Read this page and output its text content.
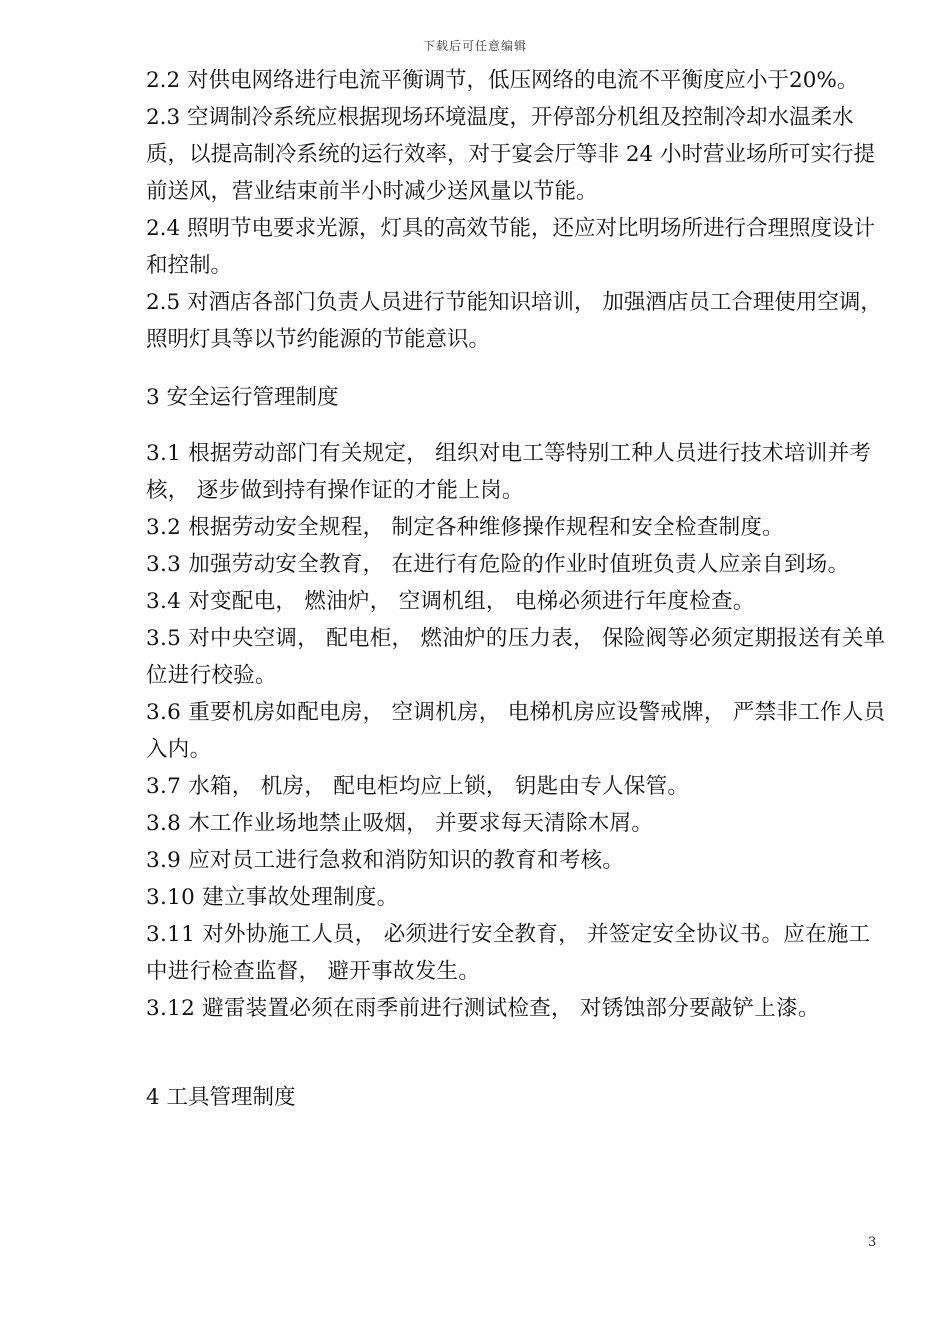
下载后可任意编辑

2.2 对供电网络进行电流平衡调节，低压网络的电流不平衡度应小于20%。

2.3 空调制冷系统应根据现场环境温度，开停部分机组及控制冷却水温柔水质，以提高制冷系统的运行效率，对于宴会厅等非 24 小时营业场所可实行提前送风，营业结束前半小时减少送风量以节能。

2.4 照明节电要求光源，灯具的高效节能，还应对比明场所进行合理照度设计和控制。

2.5 对酒店各部门负责人员进行节能知识培训， 加强酒店员工合理使用空调， 照明灯具等以节约能源的节能意识。

3 安全运行管理制度

3.1 根据劳动部门有关规定， 组织对电工等特别工种人员进行技术培训并考核， 逐步做到持有操作证的才能上岗。

3.2 根据劳动安全规程， 制定各种维修操作规程和安全检查制度。

3.3 加强劳动安全教育， 在进行有危险的作业时值班负责人应亲自到场。

3.4 对变配电， 燃油炉， 空调机组， 电梯必须进行年度检查。

3.5 对中央空调， 配电柜， 燃油炉的压力表， 保险阀等必须定期报送有关单位进行校验。

3.6 重要机房如配电房， 空调机房， 电梯机房应设警戒牌， 严禁非工作人员入内。

3.7 水箱， 机房， 配电柜均应上锁， 钥匙由专人保管。

3.8 木工作业场地禁止吸烟， 并要求每天清除木屑。

3.9 应对员工进行急救和消防知识的教育和考核。

3.10 建立事故处理制度。

3.11 对外协施工人员， 必须进行安全教育， 并签定安全协议书。应在施工中进行检查监督， 避开事故发生。

3.12 避雷装置必须在雨季前进行测试检查， 对锈蚀部分要敲铲上漆。

4 工具管理制度

3
